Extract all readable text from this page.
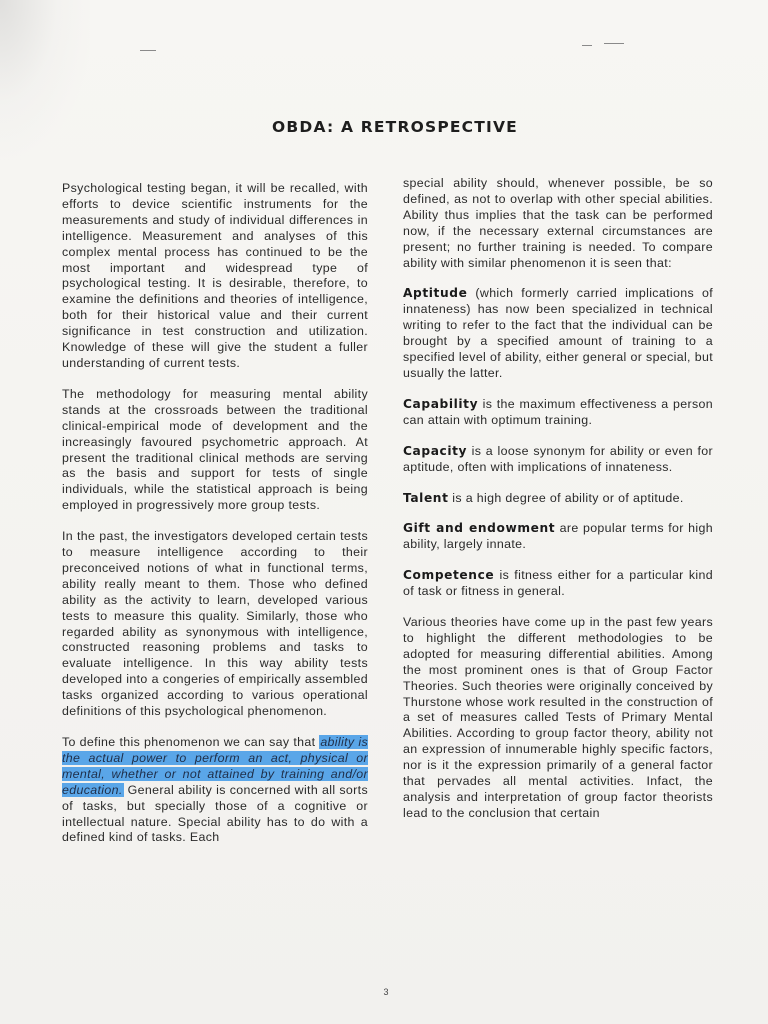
OBDA: A RETROSPECTIVE

Psychological testing began, it will be recalled, with efforts to device scientific instruments for the measurements and study of individual differences in intelligence. Measurement and analyses of this complex mental process has continued to be the most important and widespread type of psychological testing. It is desirable, therefore, to examine the definitions and theories of intelligence, both for their historical value and their current significance in test construction and utilization. Knowledge of these will give the student a fuller understanding of current tests.

The methodology for measuring mental ability stands at the crossroads between the traditional clinical-empirical mode of development and the increasingly favoured psychometric approach. At present the traditional clinical methods are serving as the basis and support for tests of single individuals, while the statistical approach is being employed in progressively more group tests.

In the past, the investigators developed certain tests to measure intelligence according to their preconceived notions of what in functional terms, ability really meant to them. Those who defined ability as the activity to learn, developed various tests to measure this quality. Similarly, those who regarded ability as synonymous with intelligence, constructed reasoning problems and tasks to evaluate intelligence. In this way ability tests developed into a congeries of empirically assembled tasks organized according to various operational definitions of this psychological phenomenon.

To define this phenomenon we can say that ability is the actual power to perform an act, physical or mental, whether or not attained by training and/or education. General ability is concerned with all sorts of tasks, but specially those of a cognitive or intellectual nature. Special ability has to do with a defined kind of tasks. Each

special ability should, whenever possible, be so defined, as not to overlap with other special abilities. Ability thus implies that the task can be performed now, if the necessary external circumstances are present; no further training is needed. To compare ability with similar phenomenon it is seen that:

Aptitude (which formerly carried implications of innateness) has now been specialized in technical writing to refer to the fact that the individual can be brought by a specified amount of training to a specified level of ability, either general or special, but usually the latter.

Capability is the maximum effectiveness a person can attain with optimum training.

Capacity is a loose synonym for ability or even for aptitude, often with implications of innateness.

Talent is a high degree of ability or of aptitude.

Gift and endowment are popular terms for high ability, largely innate.

Competence is fitness either for a particular kind of task or fitness in general.

Various theories have come up in the past few years to highlight the different methodologies to be adopted for measuring differential abilities. Among the most prominent ones is that of Group Factor Theories. Such theories were originally conceived by Thurstone whose work resulted in the construction of a set of measures called Tests of Primary Mental Abilities. According to group factor theory, ability not an expression of innumerable highly specific factors, nor is it the expression primarily of a general factor that pervades all mental activities. Infact, the analysis and interpretation of group factor theorists lead to the conclusion that certain

3
